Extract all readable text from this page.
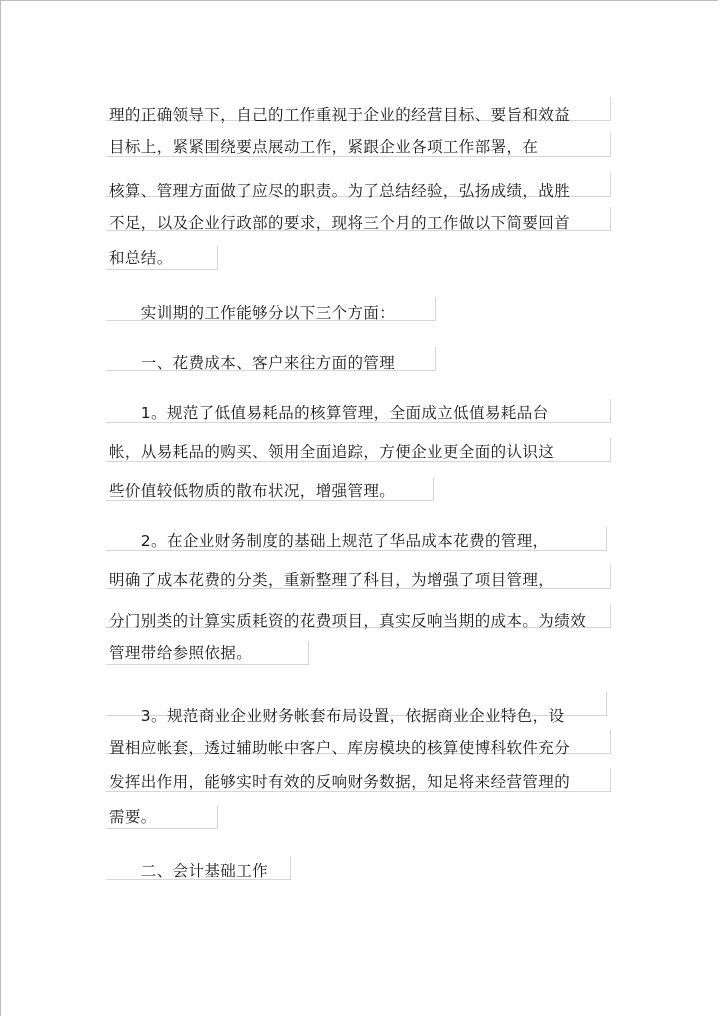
理的正确领导下，自己的工作重视于企业的经营目标、要旨和效益
目标上，紧紧围绕要点展动工作，紧跟企业各项工作部署，在
核算、管理方面做了应尽的职责。为了总结经验，弘扬成绩，战胜
不足，以及企业行政部的要求，现将三个月的工作做以下简要回首
和总结。
　　实训期的工作能够分以下三个方面：
　　一、花费成本、客户来往方面的管理
　　1。规范了低值易耗品的核算管理，全面成立低值易耗品台
帐，从易耗品的购买、领用全面追踪，方便企业更全面的认识这
些价值较低物质的散布状况，增强管理。
　　2。在企业财务制度的基础上规范了华品成本花费的管理，
明确了成本花费的分类，重新整理了科目，为增强了项目管理，
分门别类的计算实质耗资的花费项目，真实反响当期的成本。为绩效
管理带给参照依据。
　　3。规范商业企业财务帐套布局设置，依据商业企业特色，设
置相应帐套，透过辅助帐中客户、库房模块的核算使博科软件充分
发挥出作用，能够实时有效的反响财务数据，知足将来经营管理的
需要。
　　二、会计基础工作
